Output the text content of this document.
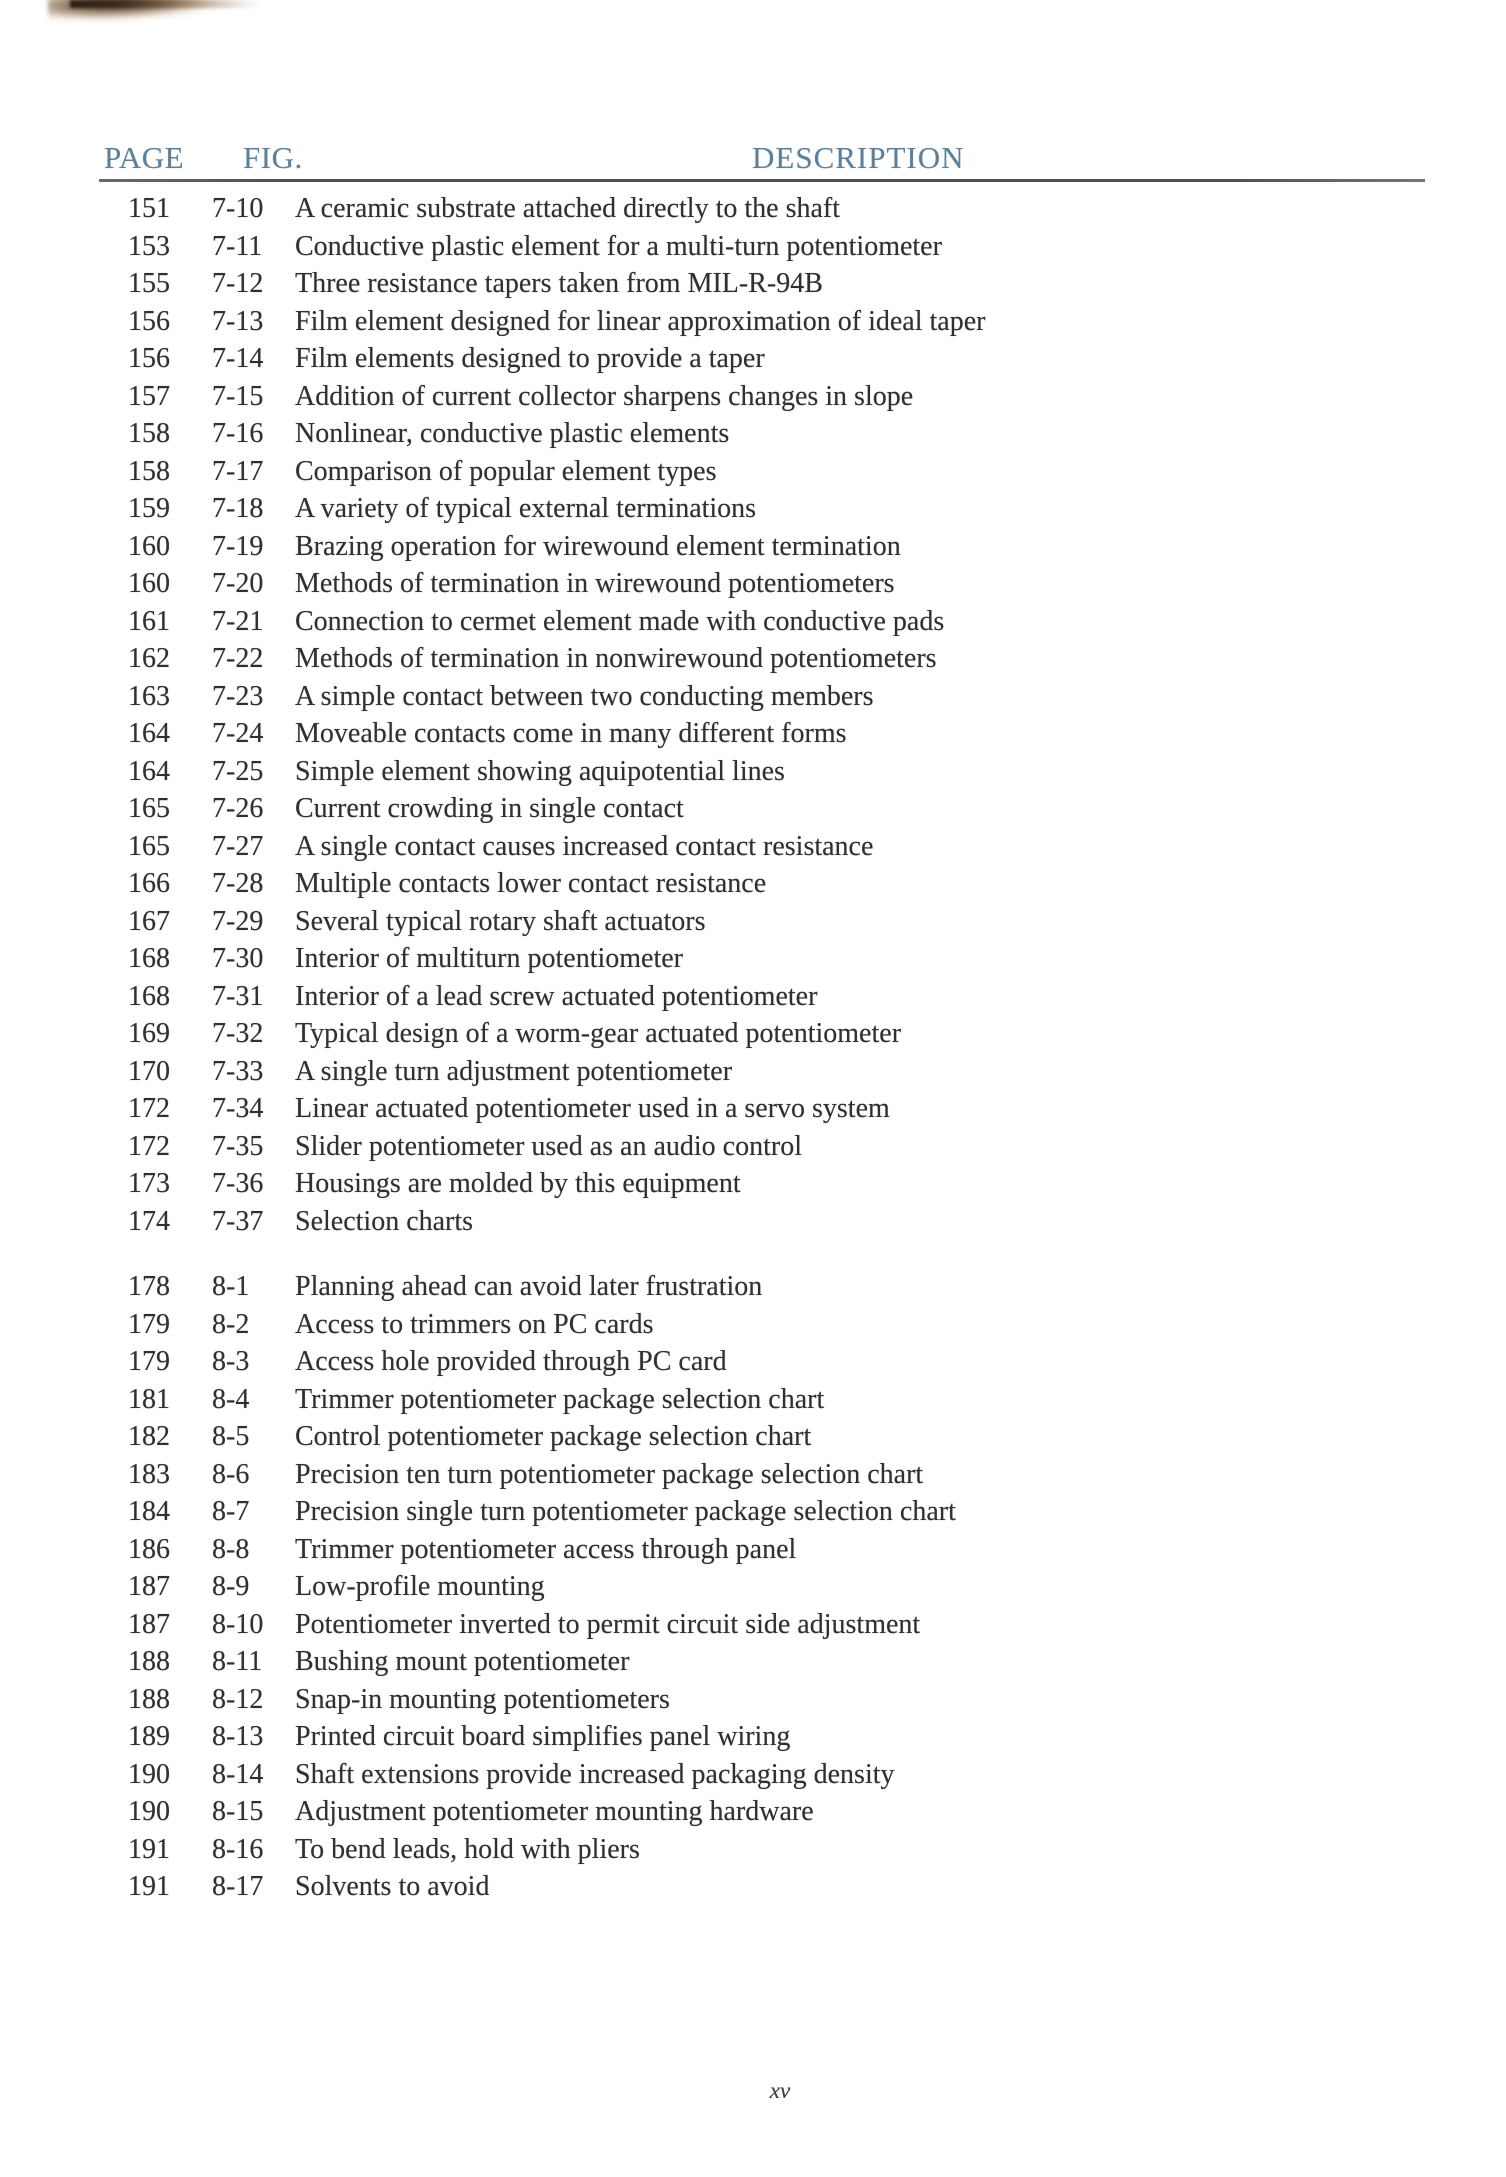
PAGE FIG.	DESCRIPTION
151 7-10 A ceramic substrate attached directly to the shaft
153 7-11 Conductive plastic element for a multi-turn potentiometer
155 7-12 Three resistance tapers taken from MIL-R-94B
156 7-13 Film element designed for linear approximation of ideal taper
156 7-14 Film elements designed to provide a taper
157 7-15 Addition of current collector sharpens changes in slope
158 7-16 Nonlinear, conductive plastic elements
158 7-17 Comparison of popular element types
159 7-18 A variety of typical external terminations
160 7-19 Brazing operation for wirewound element termination
160 7-20 Methods of termination in wirewound potentiometers
161 7-21 Connection to cermet element made with conductive pads
162 7-22 Methods of termination in nonwirewound potentiometers
163 7-23 A simple contact between two conducting members
164 7-24 Moveable contacts come in many different forms
164 7-25 Simple element showing aquipotential lines
165 7-26 Current crowding in single contact
165 7-27 A single contact causes increased contact resistance
166 7-28 Multiple contacts lower contact resistance
167 7-29 Several typical rotary shaft actuators
168 7-30 Interior of multiturn potentiometer
168 7-31 Interior of a lead screw actuated potentiometer
169 7-32 Typical design of a worm-gear actuated potentiometer
170 7-33 A single turn adjustment potentiometer
172 7-34 Linear actuated potentiometer used in a servo system
172 7-35 Slider potentiometer used as an audio control
173 7-36 Housings are molded by this equipment
174 7-37 Selection charts
178 8-1 Planning ahead can avoid later frustration
179 8-2 Access to trimmers on PC cards
179 8-3 Access hole provided through PC card
181 8-4 Trimmer potentiometer package selection chart
182 8-5 Control potentiometer package selection chart
183 8-6 Precision ten turn potentiometer package selection chart
184 8-7 Precision single turn potentiometer package selection chart
186 8-8 Trimmer potentiometer access through panel
187 8-9 Low-profile mounting
187 8-10 Potentiometer inverted to permit circuit side adjustment
188 8-11 Bushing mount potentiometer
188 8-12 Snap-in mounting potentiometers
189 8-13 Printed circuit board simplifies panel wiring
190 8-14 Shaft extensions provide increased packaging density
190 8-15 Adjustment potentiometer mounting hardware
191 8-16 To bend leads, hold with pliers
191 8-17 Solvents to avoid
xv
